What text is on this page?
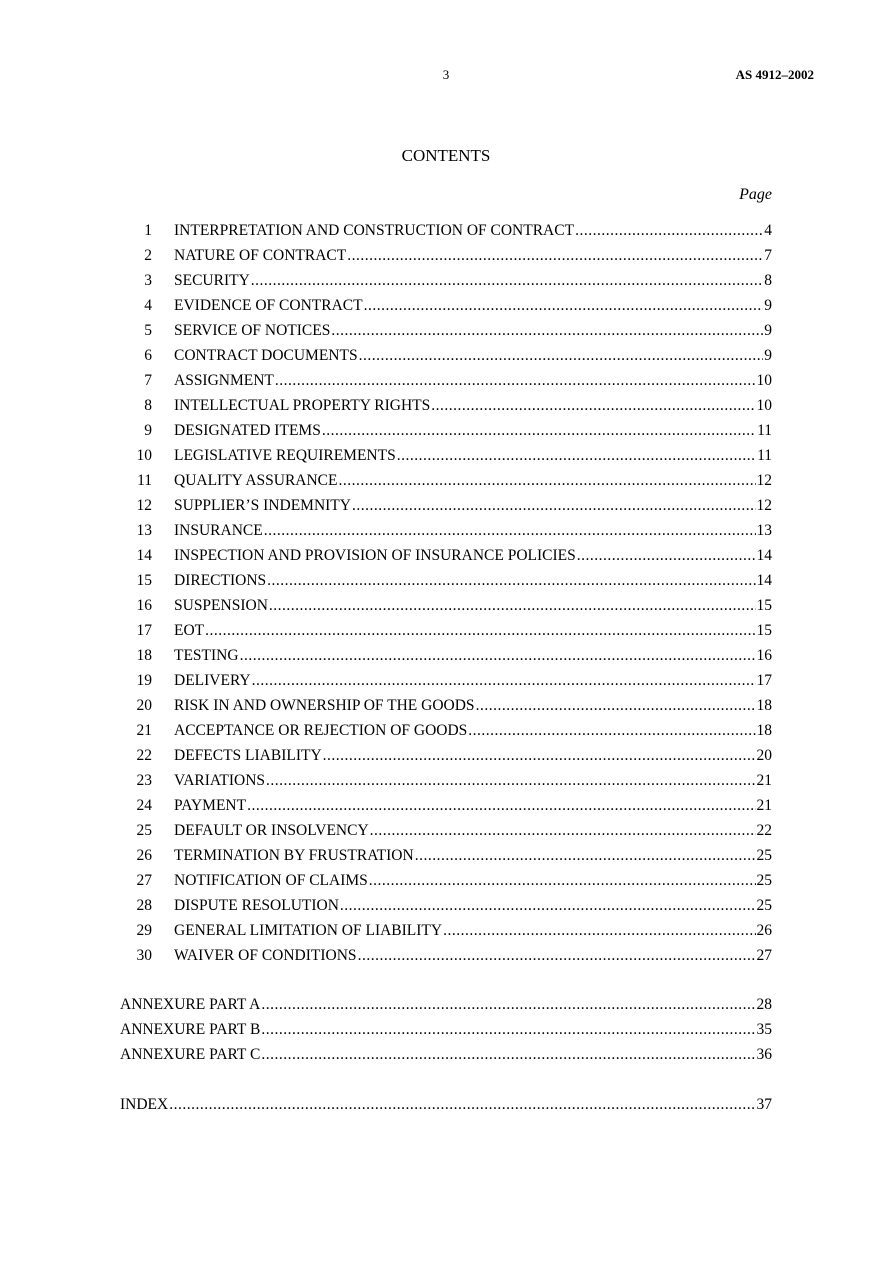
3	AS 4912–2002
CONTENTS
Page
1 INTERPRETATION AND CONSTRUCTION OF CONTRACT .....	4
2 NATURE OF CONTRACT .....	7
3 SECURITY .....	8
4 EVIDENCE OF CONTRACT .....	9
5 SERVICE OF NOTICES .....	9
6 CONTRACT DOCUMENTS .....	9
7 ASSIGNMENT .....	10
8 INTELLECTUAL PROPERTY RIGHTS .....	10
9 DESIGNATED ITEMS .....	11
10 LEGISLATIVE REQUIREMENTS .....	11
11 QUALITY ASSURANCE .....	12
12 SUPPLIER’S INDEMNITY .....	12
13 INSURANCE .....	13
14 INSPECTION AND PROVISION OF INSURANCE POLICIES .....	14
15 DIRECTIONS .....	14
16 SUSPENSION .....	15
17 EOT .....	15
18 TESTING .....	16
19 DELIVERY .....	17
20 RISK IN AND OWNERSHIP OF THE GOODS .....	18
21 ACCEPTANCE OR REJECTION OF GOODS .....	18
22 DEFECTS LIABILITY .....	20
23 VARIATIONS .....	21
24 PAYMENT .....	21
25 DEFAULT OR INSOLVENCY .....	22
26 TERMINATION BY FRUSTRATION .....	25
27 NOTIFICATION OF CLAIMS .....	25
28 DISPUTE RESOLUTION .....	25
29 GENERAL LIMITATION OF LIABILITY .....	26
30 WAIVER OF CONDITIONS .....	27
ANNEXURE PART A .....	28
ANNEXURE PART B .....	35
ANNEXURE PART C .....	36
INDEX .....	37
